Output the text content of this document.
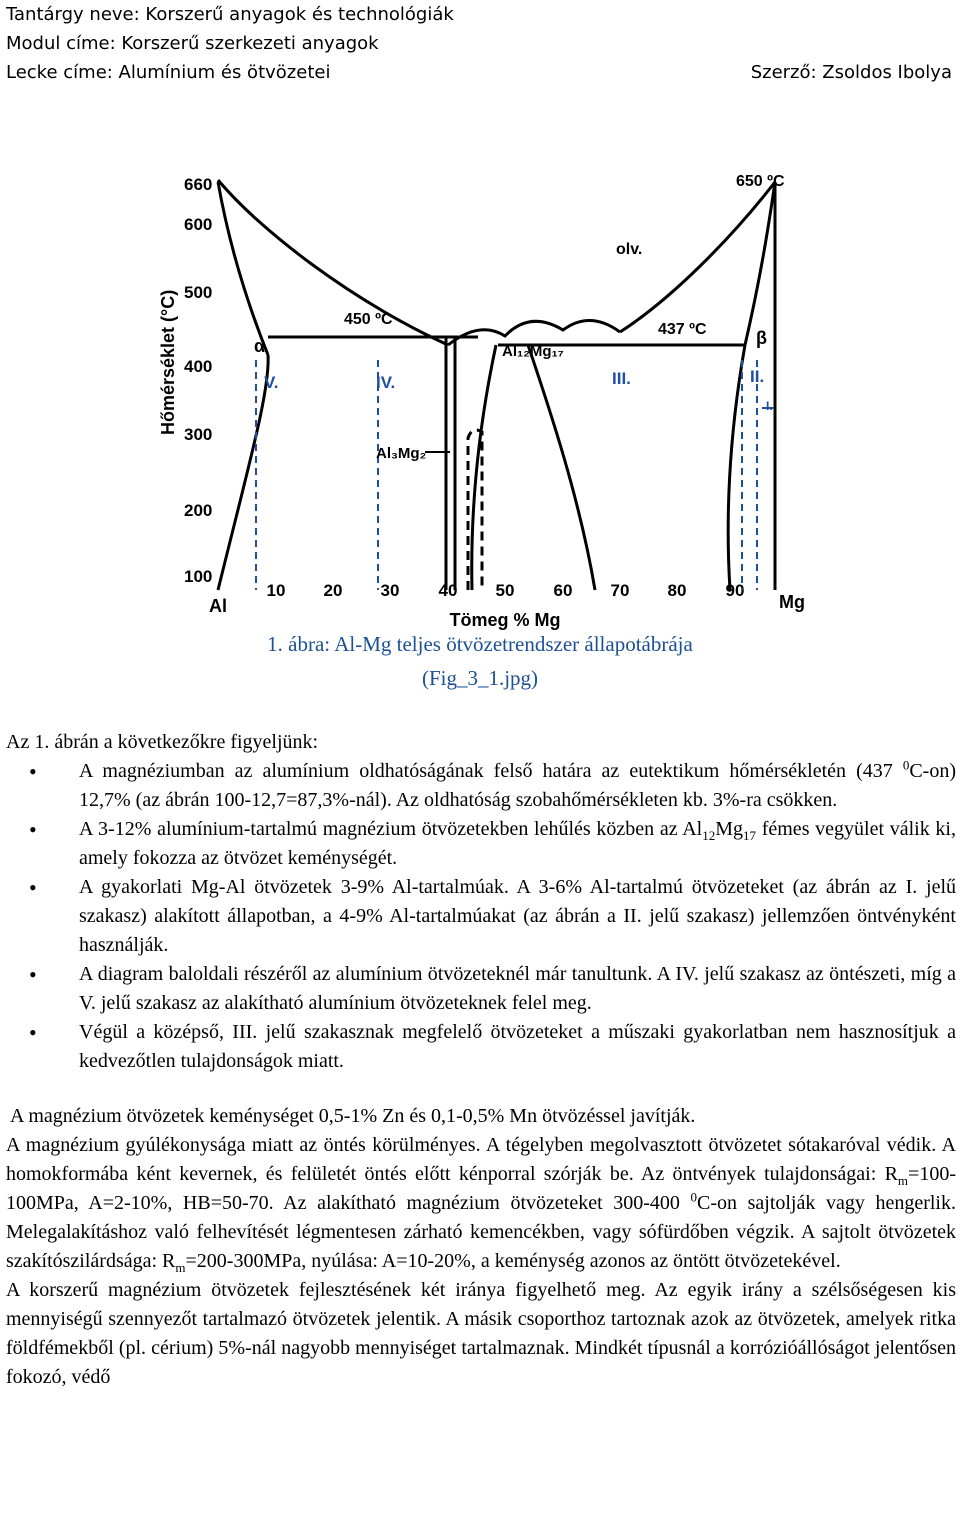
Tantárgy neve: Korszerű anyagok és technológiák
Modul címe: Korszerű szerkezeti anyagok
Lecke címe: Alumínium és ötvözetei	Szerző: Zsoldos Ibolya
660
600
500
400
300
200
100
Hőmérséklet (°C)
10 20 30 40 50 60 70 80 90
Al	Mg
Tömeg % Mg
650 ºC
450 ºC
437 ºC
olv.
α	β
Al₁₂Mg₁₇
Al₃Mg₂
V.	IV.	III.	II.
I.
1. ábra: Al-Mg teljes ötvözetrendszer állapotábrája
(Fig_3_1.jpg)

Az 1. ábrán a következőkre figyeljünk:

• A magnéziumban az alumínium oldhatóságának felső határa az eutektikum hőmérsékletén (437 $^0$C-on) 12,7% (az ábrán 100-12,7=87,3%-nál). Az oldhatóság szobahőmérsékleten kb. 3%-ra csökken.
• A 3-12% alumínium-tartalmú magnézium ötvözetekben lehűlés közben az $Al_{12}Mg_{17}$ fémes vegyület válik ki, amely fokozza az ötvözet keménységét.
• A gyakorlati Mg-Al ötvözetek 3-9% Al-tartalmúak. A 3-6% Al-tartalmú ötvözeteket (az ábrán az I. jelű szakasz) alakított állapotban, a 4-9% Al-tartalmúakat (az ábrán a II. jelű szakasz) jellemzően öntvényként használják.
• A diagram baloldali részéről az alumínium ötvözeteknél már tanultunk. A IV. jelű szakasz az öntészeti, míg a V. jelű szakasz az alakítható alumínium ötvözeteknek felel meg.
• Végül a középső, III. jelű szakasznak megfelelő ötvözeteket a műszaki gyakorlatban nem hasznosítjuk a kedvezőtlen tulajdonságok miatt.

A magnézium ötvözetek keménységet 0,5-1% Zn és 0,1-0,5% Mn ötvözéssel javítják.

A magnézium gyúlékonysága miatt az öntés körülményes. A tégelyben megolvasztott ötvözetet sótakaróval védik. A homokformába ként kevernek, és felületét öntés előtt kénporral szórják be. Az öntvények tulajdonságai: $R_m=100-100MPa$, A=2-10%, HB=50-70. Az alakítható magnézium ötvözeteket 300-400 $^0$C-on sajtolják vagy hengerlik. Melegalakításhoz való felhevítését légmentesen zárható kemencékben, vagy sófürdőben végzik. A sajtolt ötvözetek szakítószilárdsága: $R_m=200-300MPa$, nyúlása: A=10-20%, a keménység azonos az öntött ötvözetekével.

A korszerű magnézium ötvözetek fejlesztésének két iránya figyelhető meg. Az egyik irány a szélsőségesen kis mennyiségű szennyezőt tartalmazó ötvözetek jelentik. A másik csoporthoz tartoznak azok az ötvözetek, amelyek ritka földfémekből (pl. cérium) 5%-nál nagyobb mennyiséget tartalmaznak. Mindkét típusnál a korrózióállóságot jelentősen fokozó, védő
